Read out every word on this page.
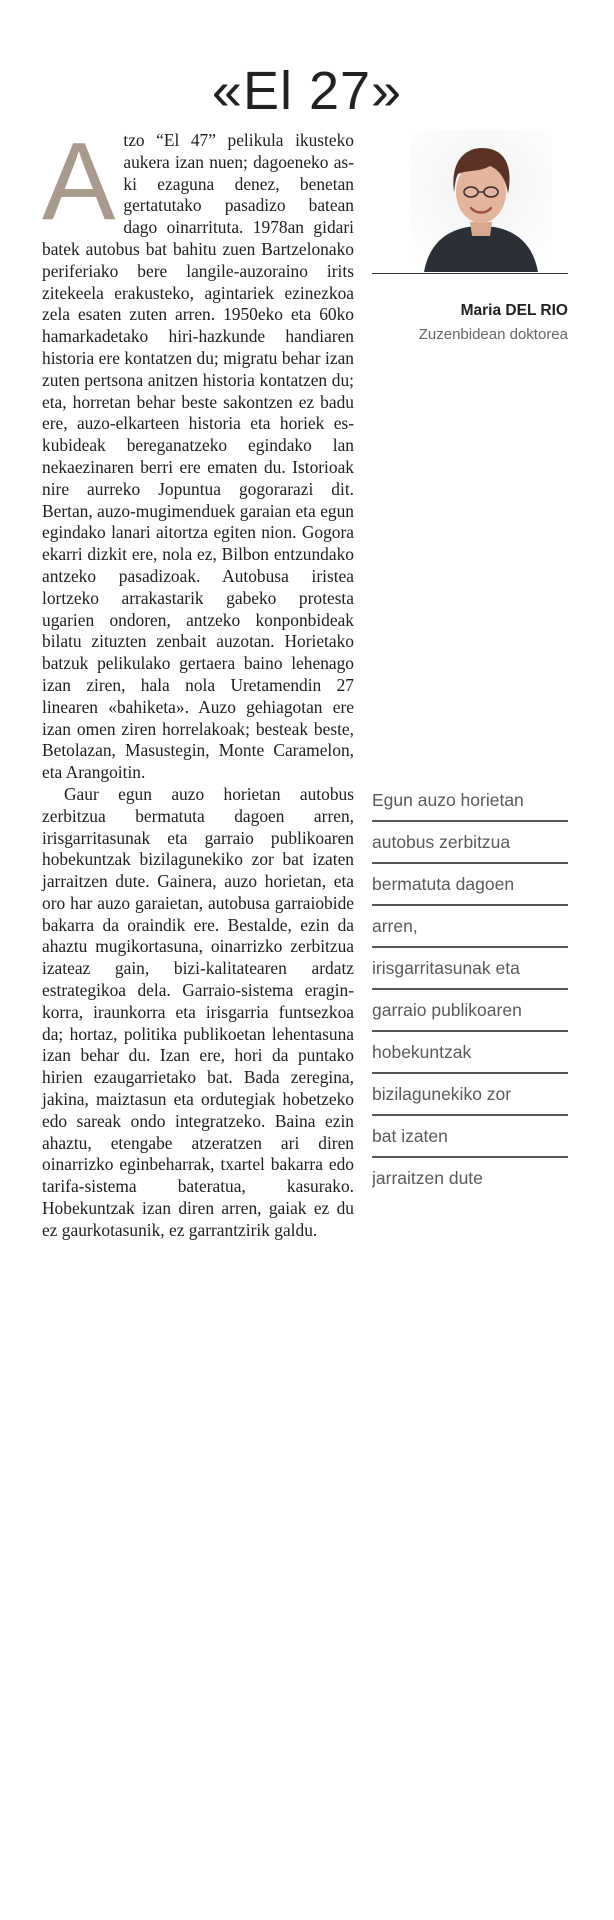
«El 27»

Atzo “El 47” pelikula ikusteko aukera izan nuen; dagoeneko aski ezaguna denez, benetan gertatutako pasadizo batean dago oinarrituta. 1978an gidari batek autobus bat bahitu zuen Bartzelonako periferiako bere langile-auzoraino irits zitekeela erakusteko, agintariek ezinezkoa zela esaten zuten arren. 1950eko eta 60ko hamarkadetako hiri-hazkunde handiaren historia ere kontatzen du; migratu behar izan zuten pertsona anitzen historia kontatzen du; eta, horretan behar beste sakontzen ez badu ere, auzo-elkarteen historia eta horiek eskubideak bereganatzeko egindako lan nekaezinaren berri ere ematen du. Istorioak nire aurreko Jopuntua gogorarazi dit. Bertan, auzo-mugimenduek garaian eta egun egindako lanari aitortza egiten nion. Gogora ekarri dizkit ere, nola ez, Bilbon entzundako antzeko pasadizoak. Autobusa iristea lortzeko arrakastarik gabeko protesta ugarien ondoren, antzeko konponbideak bilatu zituzten zenbait auzotan. Horietako batzuk pelikulako gertaera baino lehenago izan ziren, hala nola Uretamendin 27 linearen «bahiketa». Auzo gehiagotan ere izan omen ziren horrelakoak; besteak beste, Betolazan, Masustegin, Monte Caramelon, eta Arangoitin.

Gaur egun auzo horietan autobus zerbitzua bermatuta dagoen arren, irisgarritasunak eta garraio publikoaren hobekuntzak bizilagunekiko zor bat izaten jarraitzen dute. Gainera, auzo horietan, eta oro har auzo garaietan, autobusa garraiobide bakarra da oraindik ere. Bestalde, ezin da ahaztu mugikortasuna, oinarrizko zerbitzua izateaz gain, bizi-kalitatearen ardatz estrategikoa dela. Garraio-sistema eraginkorra, iraunkorra eta irisgarria funtsezkoa da; hortaz, politika publikoetan lehentasuna izan behar du. Izan ere, hori da puntako hirien ezaugarrietako bat. Bada zeregina, jakina, maiztasun eta ordutegiak hobetzeko edo sareak ondo integratzeko. Baina ezin ahaztu, etengabe atzeratzen ari diren oinarrizko eginbeharrak, txartel bakarra edo tarifa-sistema bateratua, kasurako. Hobekuntzak izan diren arren, gaiak ez du ez gaurkotasunik, ez garrantzirik galdu.

Maria DEL RIO
Zuzenbidean doktorea
Egun auzo horietan
autobus zerbitzua
bermatuta dagoen
arren,
irisgarritasunak eta
garraio publikoaren
hobekuntzak
bizilagunekiko zor
bat izaten
jarraitzen dute
